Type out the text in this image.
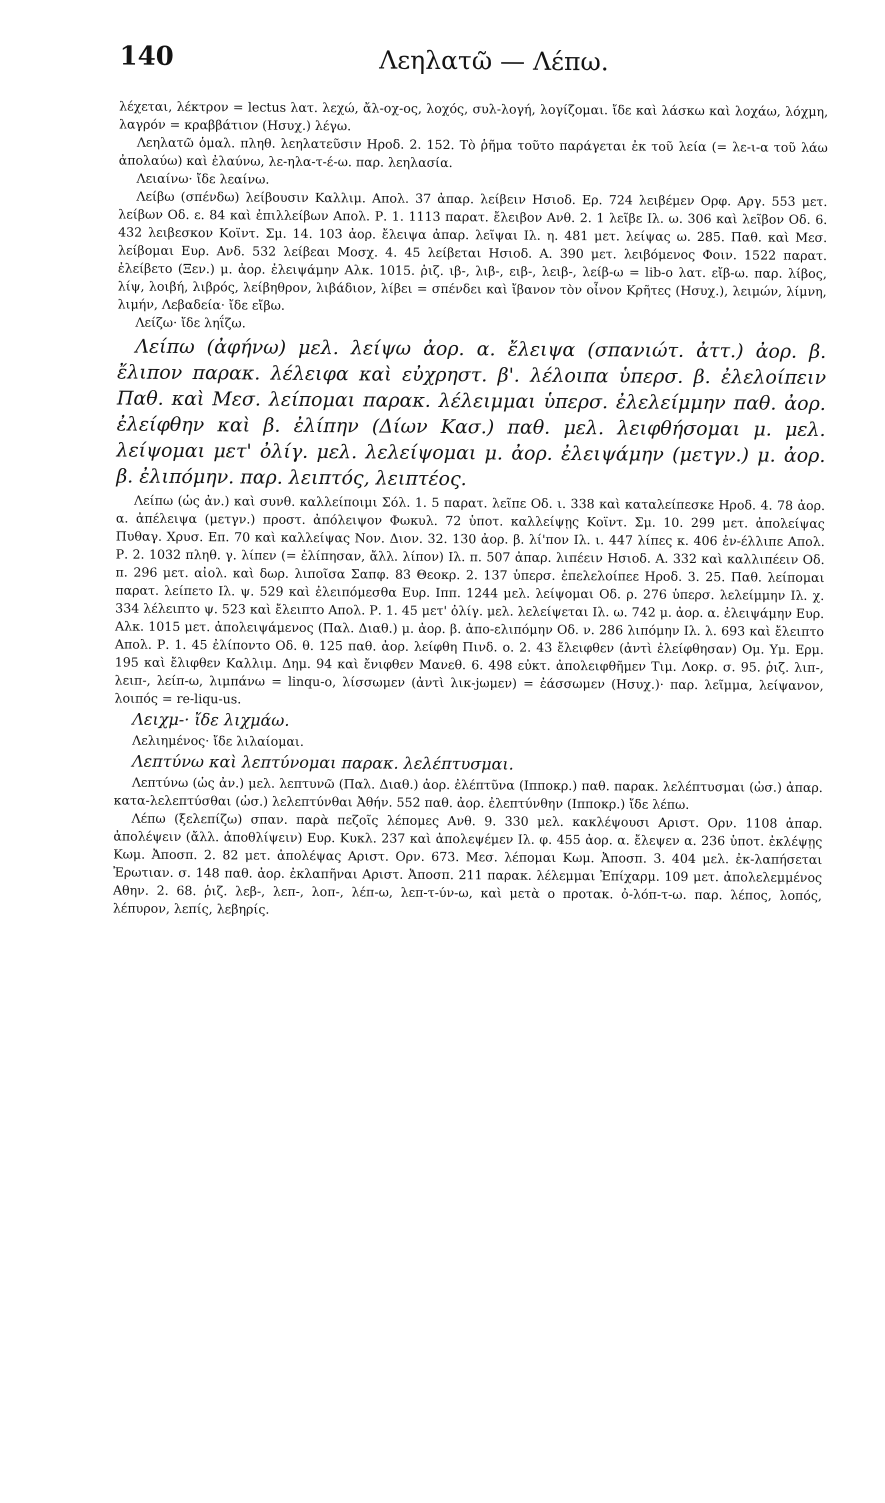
140	Λεηλατῶ — Λέπω.

λέχεται, λέκτρον = lectus λατ. λεχώ, ἄλ-οχ-ος, λοχός, συλ-λογή, λογίζομαι. ἴδε καὶ λάσκω καὶ λοχάω, λόχμη, λαγρόν = κραββάτιον (Ησυχ.) λέγω.

Λεηλατῶ ὁμαλ. πληθ. λεηλατεῦσιν Ηροδ. 2. 152. Τὸ ῥῆμα τοῦτο παράγεται ἐκ τοῦ λεία (= λε-ι-α τοῦ λάω ἀπολαύω) καὶ ἐλαύνω, λε-ηλα-τ-έ-ω. παρ. λεηλασία.

Λειαίνω· ἴδε λεαίνω.

Λείβω (σπένδω) λείβουσιν Καλλιμ. Απολ. 37 ἀπαρ. λείβειν Ησιοδ. Ερ. 724 λειβέμεν Ορφ. Αργ. 553 μετ. λείβων Οδ. ε. 84 καὶ ἐπιλλείβων Απολ. Ρ. 1. 1113 παρατ. ἔλειβον Ανθ. 2. 1 λεῖβε Ιλ. ω. 306 καὶ λεῖβον Οδ. 6. 432 λειβεσκον Κοϊντ. Σμ. 14. 103 ἀορ. ἔλειψα ἀπαρ. λεῖψαι Ιλ. η. 481 μετ. λείψας ω. 285. Παθ. καὶ Μεσ. λείβομαι Ευρ. Ανδ. 532 λείβεαι Μοσχ. 4. 45 λείβεται Ησιοδ. Α. 390 μετ. λειβόμενος Φοιν. 1522 παρατ. ἐλείβετο (Ξεν.) μ. ἀορ. ἐλειψάμην Αλκ. 1015. ῥιζ. ιβ-, λιβ-, ειβ-, λειβ-, λείβ-ω = lib-o λατ. εἴβ-ω. παρ. λίβος, λίψ, λοιβή, λιβρός, λείβηθρον, λιβάδιον, λίβει = σπένδει καὶ ἴβανον τὸν οἶνον Κρῆτες (Ησυχ.), λειμών, λίμνη, λιμήν, Λεβαδεία· ἴδε εἴβω.

Λείζω· ἴδε ληΐζω.

Λείπω (ἀφήνω) μελ. λείψω ἀορ. α. ἔλειψα (σπανιώτ. ἀττ.) ἀορ. β. ἔλιπον παρακ. λέλειφα καὶ εὐχρηστ. β'. λέλοιπα ὑπερσ. β. ἐλελοίπειν Παθ. καὶ Μεσ. λείπομαι παρακ. λέλειμμαι ὑπερσ. ἐλελείμμην παθ. ἀορ. ἐλείφθην καὶ β. ἐλίπην (Δίων Κασ.) παθ. μελ. λειφθήσομαι μ. μελ. λείψομαι μετ' ὀλίγ. μελ. λελείψομαι μ. ἀορ. ἐλειψάμην (μετγν.) μ. ἀορ. β. ἐλιπόμην. παρ. λειπτός, λειπτέος.

Λείπω (ὡς ἀν.) καὶ συνθ. καλλείποιμι Σόλ. 1. 5 παρατ. λεῖπε Οδ. ι. 338 καὶ καταλείπεσκε Ηροδ. 4. 78 ἀορ. α. ἀπέλειψα (μετγν.) προστ. ἀπόλειψον Φωκυλ. 72 ὑποτ. καλλείψῃς Κοϊντ. Σμ. 10. 299 μετ. ἀπολείψας Πυθαγ. Χρυσ. Επ. 70 καὶ καλλείψας Νον. Διον. 32. 130 ἀορ. β. λί'πον Ιλ. ι. 447 λίπες κ. 406 ἐν-έλλιπε Απολ. Ρ. 2. 1032 πληθ. γ. λίπεν (= ἐλίπησαν, ἄλλ. λίπον) Ιλ. π. 507 ἀπαρ. λιπέειν Ησιοδ. Α. 332 καὶ καλλιπέειν Οδ. π. 296 μετ. αἰολ. καὶ δωρ. λιποῖσα Σαπφ. 83 Θεοκρ. 2. 137 ὑπερσ. ἐπελελοίπεε Ηροδ. 3. 25. Παθ. λείπομαι παρατ. λείπετο Ιλ. ψ. 529 καὶ ἐλειπόμεσθα Ευρ. Ιππ. 1244 μελ. λείψομαι Οδ. ρ. 276 ὑπερσ. λελείμμην Ιλ. χ. 334 λέλειπτο ψ. 523 καὶ ἔλειπτο Απολ. Ρ. 1. 45 μετ' ὀλίγ. μελ. λελείψεται Ιλ. ω. 742 μ. ἀορ. α. ἐλειψάμην Ευρ. Αλκ. 1015 μετ. ἀπολειψάμενος (Παλ. Διαθ.) μ. ἀορ. β. ἀπο-ελιπόμην Οδ. ν. 286 λιπόμην Ιλ. λ. 693 καὶ ἔλειπτο Απολ. Ρ. 1. 45 ἐλίποντο Οδ. θ. 125 παθ. ἀορ. λείφθη Πινδ. ο. 2. 43 ἔλειφθεν (ἀντὶ ἐλείφθησαν) Ομ. Υμ. Ερμ. 195 καὶ ἔλιφθεν Καλλιμ. Δημ. 94 καὶ ἔνιφθεν Μανεθ. 6. 498 εὐκτ. ἀπολειφθῆμεν Τιμ. Λοκρ. σ. 95. ῥιζ. λιπ-, λειπ-, λείπ-ω, λιμπάνω = linqu-o, λίσσωμεν (ἀντὶ λικ-jωμεν) = ἐάσσωμεν (Ησυχ.)· παρ. λεῖμμα, λείψανον, λοιπός = re-liqu-us.

Λειχμ-· ἴδε λιχμάω.

Λελιημένος· ἴδε λιλαίομαι.

Λεπτύνω καὶ λεπτύνομαι παρακ. λελέπτυσμαι.

Λεπτύνω (ὡς ἀν.) μελ. λεπτυνῶ (Παλ. Διαθ.) ἀορ. ἐλέπτῦνα (Ιπποκρ.) παθ. παρακ. λελέπτυσμαι (ὡσ.) ἀπαρ. κατα-λελεπτύσθαι (ὡσ.) λελεπτύνθαι Ἀθήν. 552 παθ. ἀορ. ἐλεπτύνθην (Ιπποκρ.) ἴδε λέπω.

Λέπω (ξελεπίζω) σπαν. παρὰ πεζοῖς λέπομες Ανθ. 9. 330 μελ. κακλέψουσι Αριστ. Ορν. 1108 ἀπαρ. ἀπολέψειν (ἄλλ. ἀποθλίψειν) Ευρ. Κυκλ. 237 καὶ ἀπολεψέμεν Ιλ. φ. 455 ἀορ. α. ἔλεψεν α. 236 ὑποτ. ἐκλέψῃς Κωμ. Ἀποσπ. 2. 82 μετ. ἀπολέψας Αριστ. Ορν. 673. Μεσ. λέπομαι Κωμ. Ἀποσπ. 3. 404 μελ. ἐκ-λαπήσεται Ἐρωτιαν. σ. 148 παθ. ἀορ. ἐκλαπῆναι Αριστ. Ἀποσπ. 211 παρακ. λέλεμμαι Ἐπίχαρμ. 109 μετ. ἀπολελεμμένος Αθην. 2. 68. ῥιζ. λεβ-, λεπ-, λοπ-, λέπ-ω, λεπ-τ-ύν-ω, καὶ μετὰ ο προτακ. ὀ-λόπ-τ-ω. παρ. λέπος, λοπός, λέπυρον, λεπίς, λεβηρίς.
